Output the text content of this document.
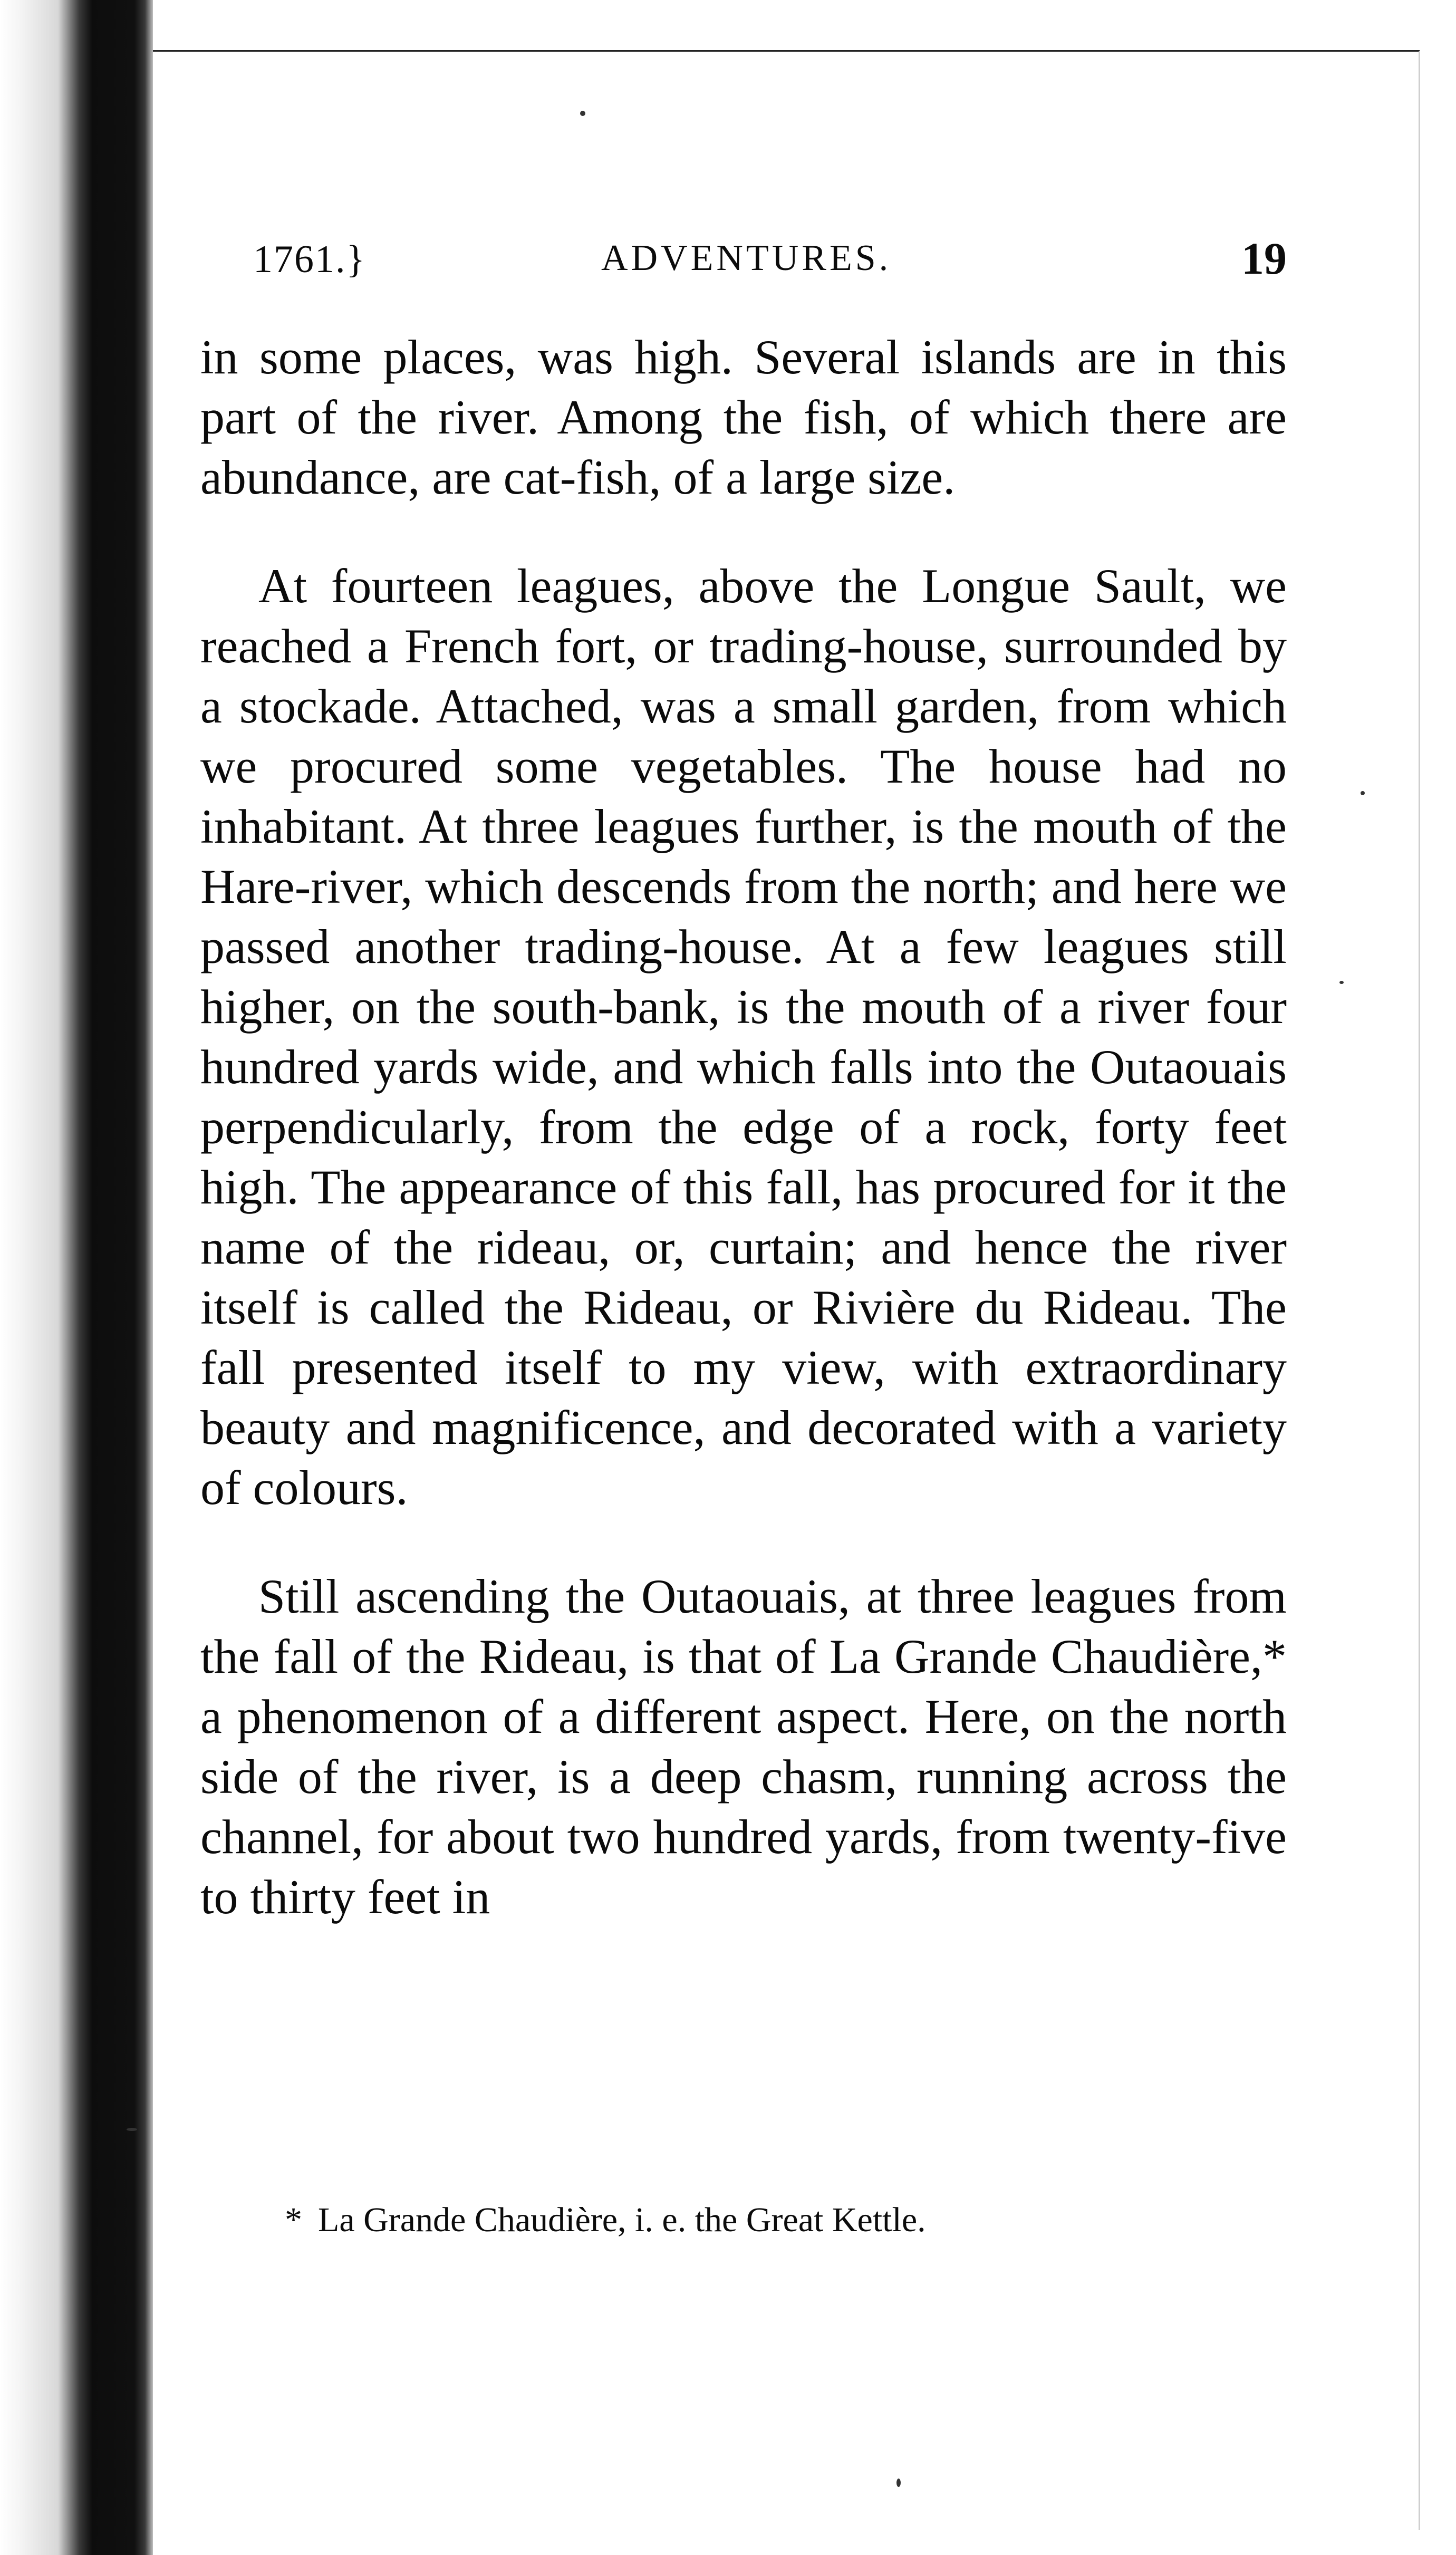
1761.}	ADVENTURES.	19

in some places, was high. Several islands are in this part of the river. Among the fish, of which there are abundance, are cat-fish, of a large size.

At fourteen leagues, above the Longue Sault, we reached a French fort, or trading-house, surrounded by a stockade. Attached, was a small garden, from which we procured some vegetables. The house had no inhabitant. At three leagues further, is the mouth of the Hare-river, which descends from the north; and here we passed another trading-house. At a few leagues still higher, on the south-bank, is the mouth of a river four hundred yards wide, and which falls into the Outaouais perpendicularly, from the edge of a rock, forty feet high. The appearance of this fall, has procured for it the name of the rideau, or, curtain; and hence the river itself is called the Rideau, or Rivière du Rideau. The fall presented itself to my view, with extraordinary beauty and magnificence, and decorated with a variety of colours.

Still ascending the Outaouais, at three leagues from the fall of the Rideau, is that of La Grande Chaudière,* a phenomenon of a different aspect. Here, on the north side of the river, is a deep chasm, running across the channel, for about two hundred yards, from twenty-five to thirty feet in

* La Grande Chaudière, i. e. the Great Kettle.
